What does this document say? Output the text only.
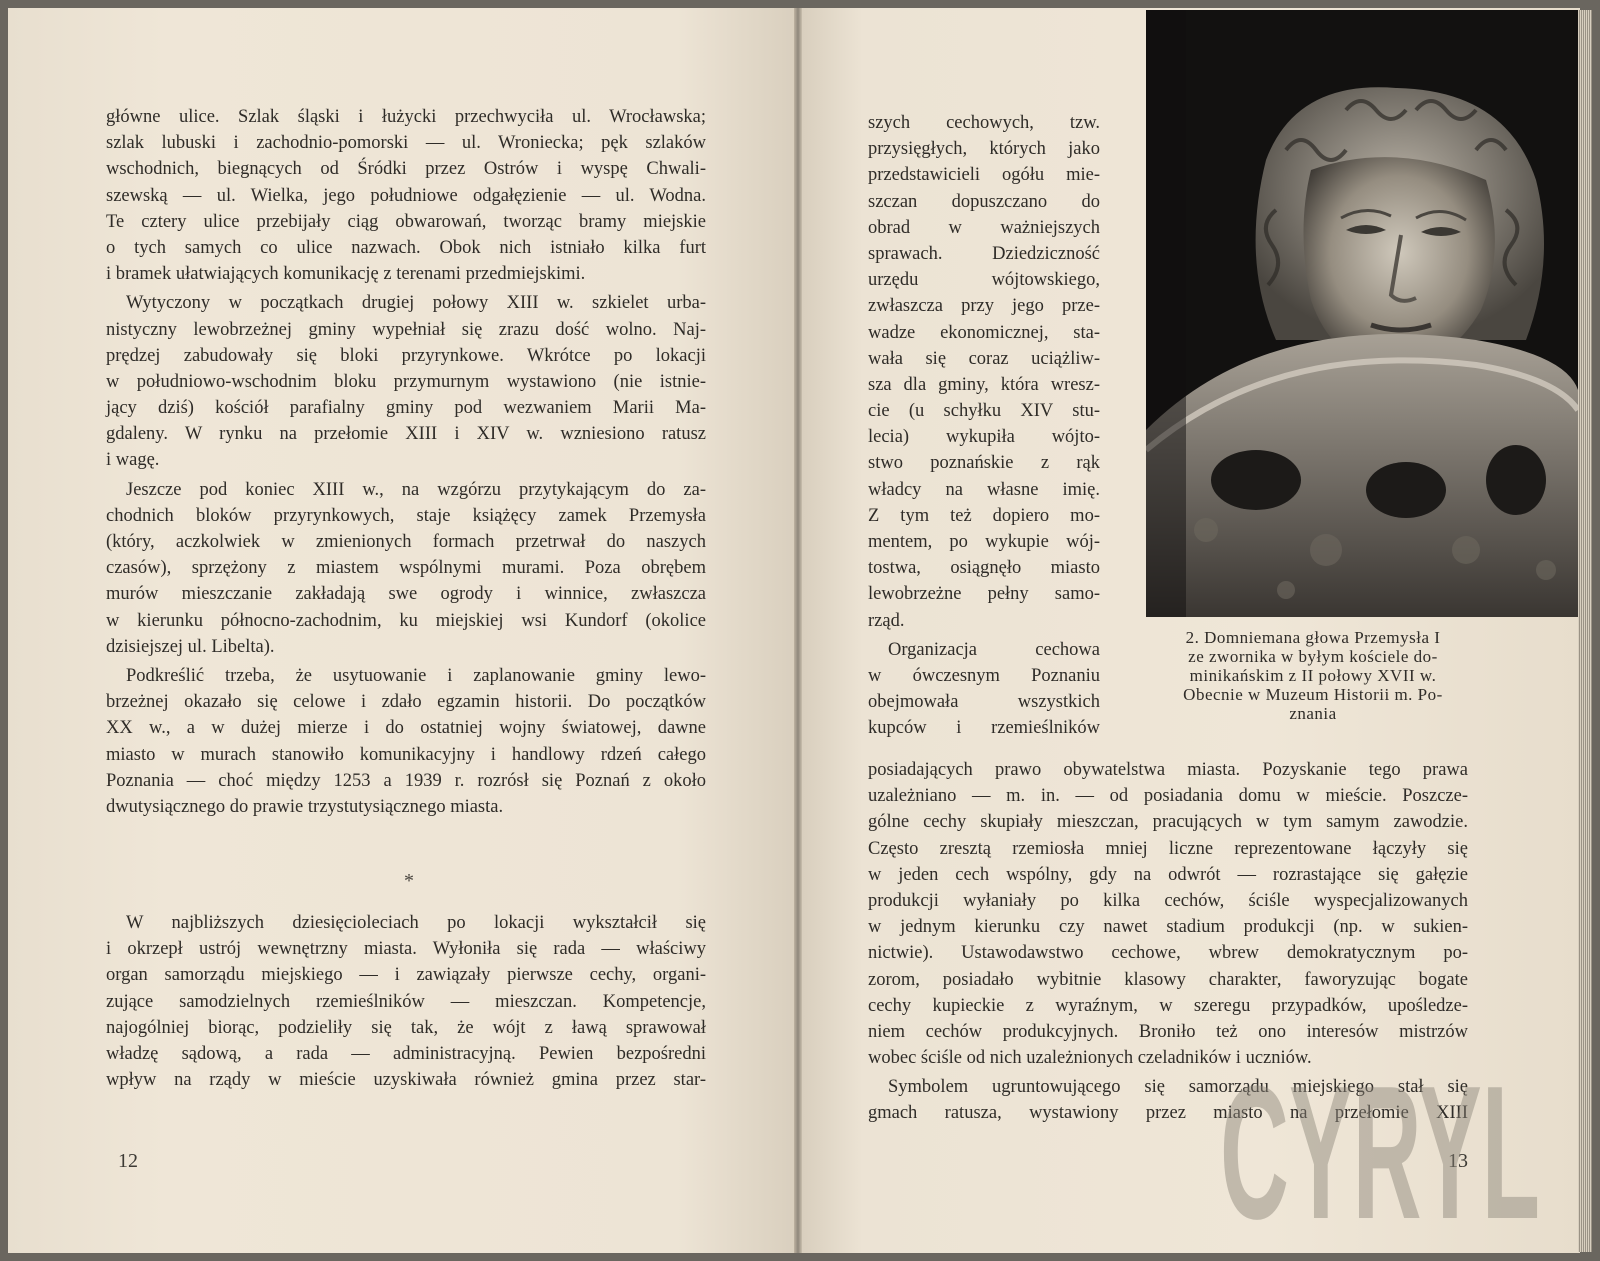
główne ulice. Szlak śląski i łużycki przechwyciła ul. Wrocławska;
szlak lubuski i zachodnio-pomorski — ul. Wroniecka; pęk szlaków
wschodnich, biegnących od Śródki przez Ostrów i wyspę Chwali-
szewską — ul. Wielka, jego południowe odgałęzienie — ul. Wodna.
Te cztery ulice przebijały ciąg obwarowań, tworząc bramy miejskie
o tych samych co ulice nazwach. Obok nich istniało kilka furt
i bramek ułatwiających komunikację z terenami przedmiejskimi.
Wytyczony w początkach drugiej połowy XIII w. szkielet urba-
nistyczny lewobrzeżnej gminy wypełniał się zrazu dość wolno. Naj-
prędzej zabudowały się bloki przyrynkowe. Wkrótce po lokacji
w południowo-wschodnim bloku przymurnym wystawiono (nie istnie-
jący dziś) kościół parafialny gminy pod wezwaniem Marii Ma-
gdaleny. W rynku na przełomie XIII i XIV w. wzniesiono ratusz
i wagę.
Jeszcze pod koniec XIII w., na wzgórzu przytykającym do za-
chodnich bloków przyrynkowych, staje książęcy zamek Przemysła
(który, aczkolwiek w zmienionych formach przetrwał do naszych
czasów), sprzężony z miastem wspólnymi murami. Poza obrębem
murów mieszczanie zakładają swe ogrody i winnice, zwłaszcza
w kierunku północno-zachodnim, ku miejskiej wsi Kundorf (okolice
dzisiejszej ul. Libelta).
Podkreślić trzeba, że usytuowanie i zaplanowanie gminy lewo-
brzeżnej okazało się celowe i zdało egzamin historii. Do początków
XX w., a w dużej mierze i do ostatniej wojny światowej, dawne
miasto w murach stanowiło komunikacyjny i handlowy rdzeń całego
Poznania — choć między 1253 a 1939 r. rozrósł się Poznań z około
dwutysiącznego do prawie trzystutysiącznego miasta.
*
W najbliższych dziesięcioleciach po lokacji wykształcił się
i okrzepł ustrój wewnętrzny miasta. Wyłoniła się rada — właściwy
organ samorządu miejskiego — i zawiązały pierwsze cechy, organi-
zujące samodzielnych rzemieślników — mieszczan. Kompetencje,
najogólniej biorąc, podzieliły się tak, że wójt z ławą sprawował
władzę sądową, a rada — administracyjną. Pewien bezpośredni
wpływ na rządy w mieście uzyskiwała również gmina przez star-
12
szych cechowych, tzw.
przysięgłych, których jako
przedstawicieli ogółu mie-
szczan dopuszczano do
obrad w ważniejszych
sprawach. Dziedziczność
urzędu wójtowskiego,
zwłaszcza przy jego prze-
wadze ekonomicznej, sta-
wała się coraz uciążliw-
sza dla gminy, która wresz-
cie (u schyłku XIV stu-
lecia) wykupiła wójto-
stwo poznańskie z rąk
władcy na własne imię.
Z tym też dopiero mo-
mentem, po wykupie wój-
tostwa, osiągnęło miasto
lewobrzeżne pełny samo-
rząd.
Organizacja cechowa
w ówczesnym Poznaniu
obejmowała wszystkich
kupców i rzemieślników
2. Domniemana głowa Przemysła I
ze zwornika w byłym kościele do-
minikańskim z II połowy XVII w.
Obecnie w Muzeum Historii m. Po-
znania
posiadających prawo obywatelstwa miasta. Pozyskanie tego prawa
uzależniano — m. in. — od posiadania domu w mieście. Poszcze-
gólne cechy skupiały mieszczan, pracujących w tym samym zawodzie.
Często zresztą rzemiosła mniej liczne reprezentowane łączyły się
w jeden cech wspólny, gdy na odwrót — rozrastające się gałęzie
produkcji wyłaniały po kilka cechów, ściśle wyspecjalizowanych
w jednym kierunku czy nawet stadium produkcji (np. w sukien-
nictwie). Ustawodawstwo cechowe, wbrew demokratycznym po-
zorom, posiadało wybitnie klasowy charakter, faworyzując bogate
cechy kupieckie z wyraźnym, w szeregu przypadków, upośledze-
niem cechów produkcyjnych. Broniło też ono interesów mistrzów
wobec ściśle od nich uzależnionych czeladników i uczniów.
Symbolem ugruntowującego się samorządu miejskiego stał się
gmach ratusza, wystawiony przez miasto na przełomie XIII
13
CYRYL
